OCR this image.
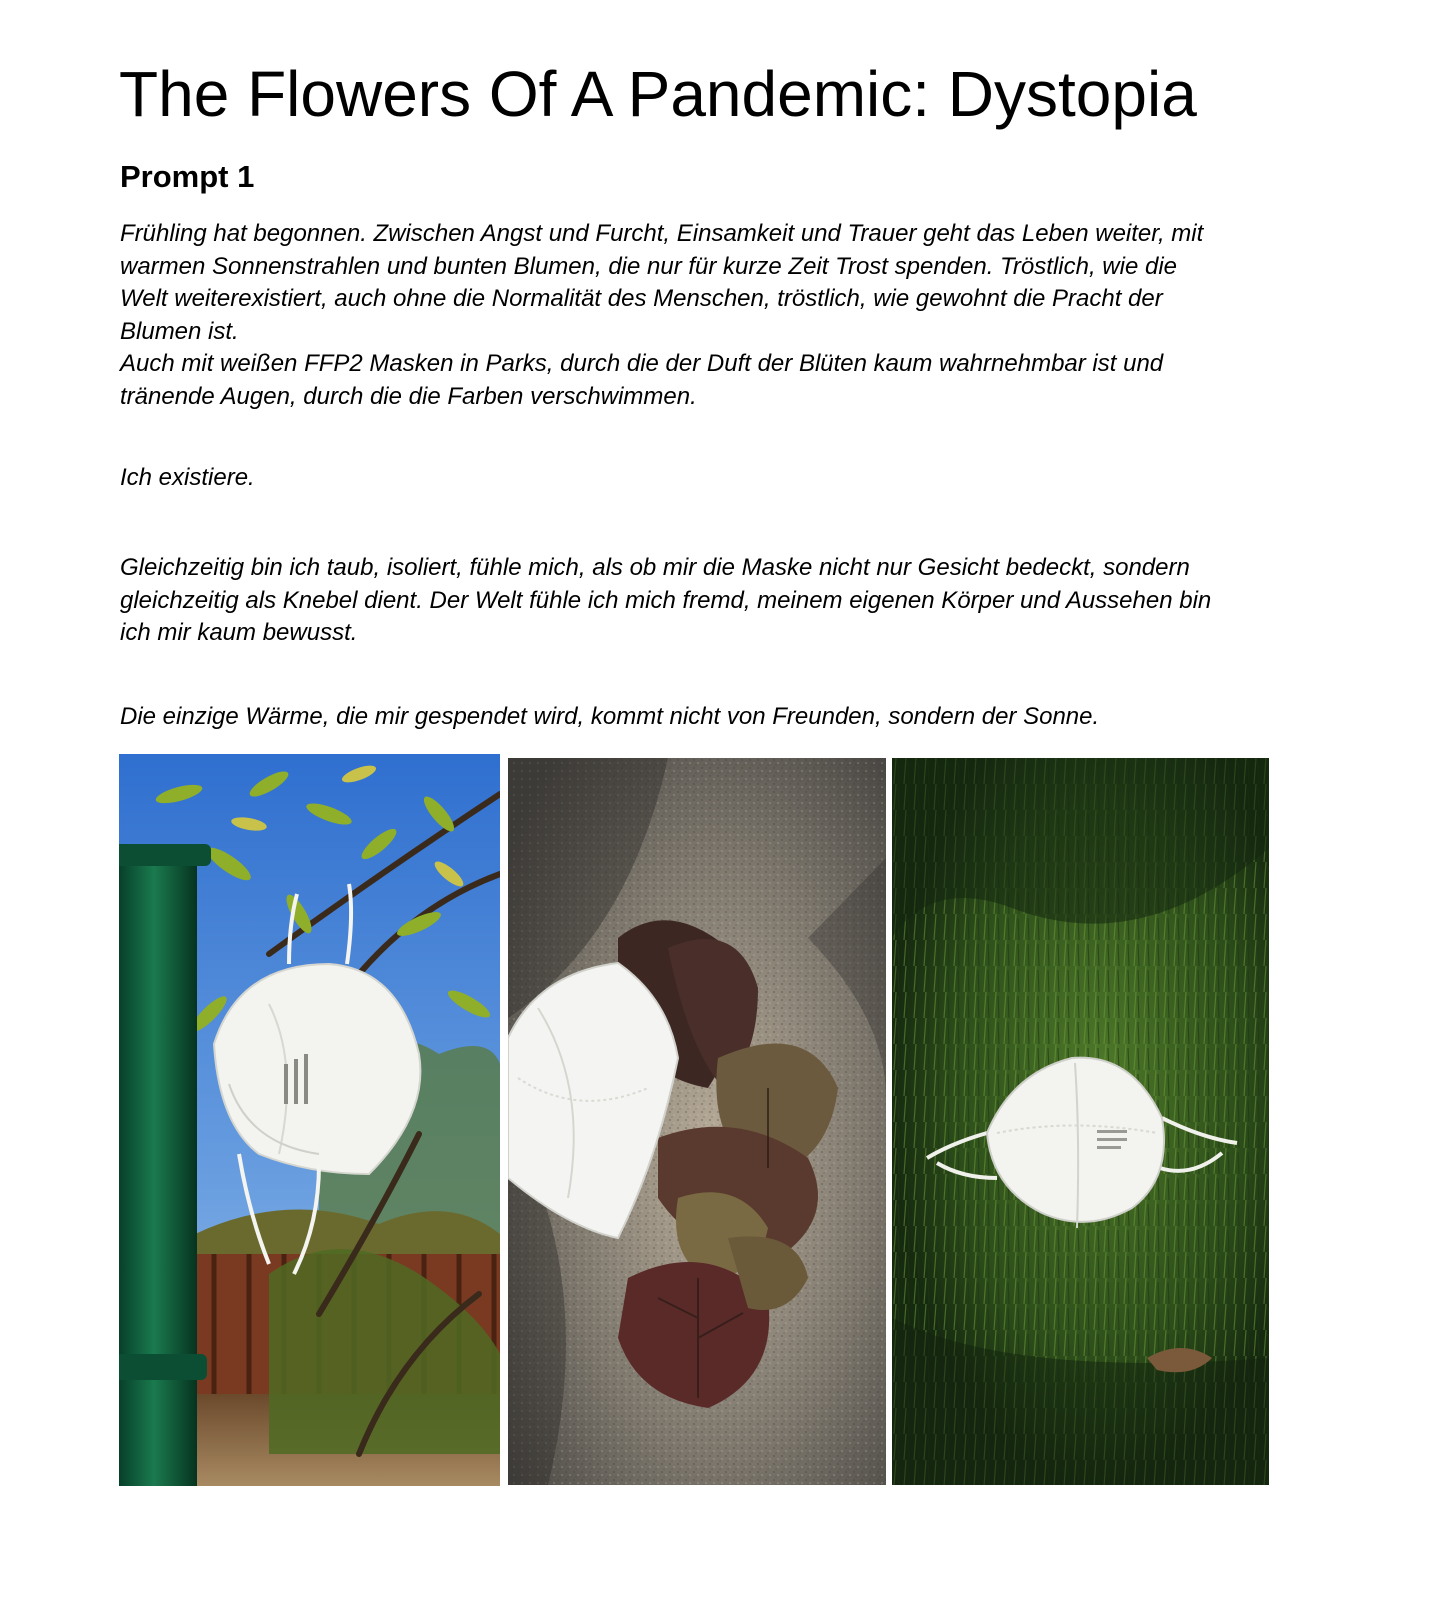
The Flowers Of A Pandemic: Dystopia
Prompt 1
Frühling hat begonnen. Zwischen Angst und Furcht, Einsamkeit und Trauer geht das Leben weiter, mit
warmen Sonnenstrahlen und bunten Blumen, die nur für kurze Zeit Trost spenden. Tröstlich, wie die
Welt weiterexistiert, auch ohne die Normalität des Menschen, tröstlich, wie gewohnt die Pracht der
Blumen ist.
Auch mit weißen FFP2 Masken in Parks, durch die der Duft der Blüten kaum wahrnehmbar ist und
tränende Augen, durch die die Farben verschwimmen.
Ich existiere.
Gleichzeitig bin ich taub, isoliert, fühle mich, als ob mir die Maske nicht nur Gesicht bedeckt, sondern
gleichzeitig als Knebel dient. Der Welt fühle ich mich fremd, meinem eigenen Körper und Aussehen bin
ich mir kaum bewusst.
Die einzige Wärme, die mir gespendet wird, kommt nicht von Freunden, sondern der Sonne.
